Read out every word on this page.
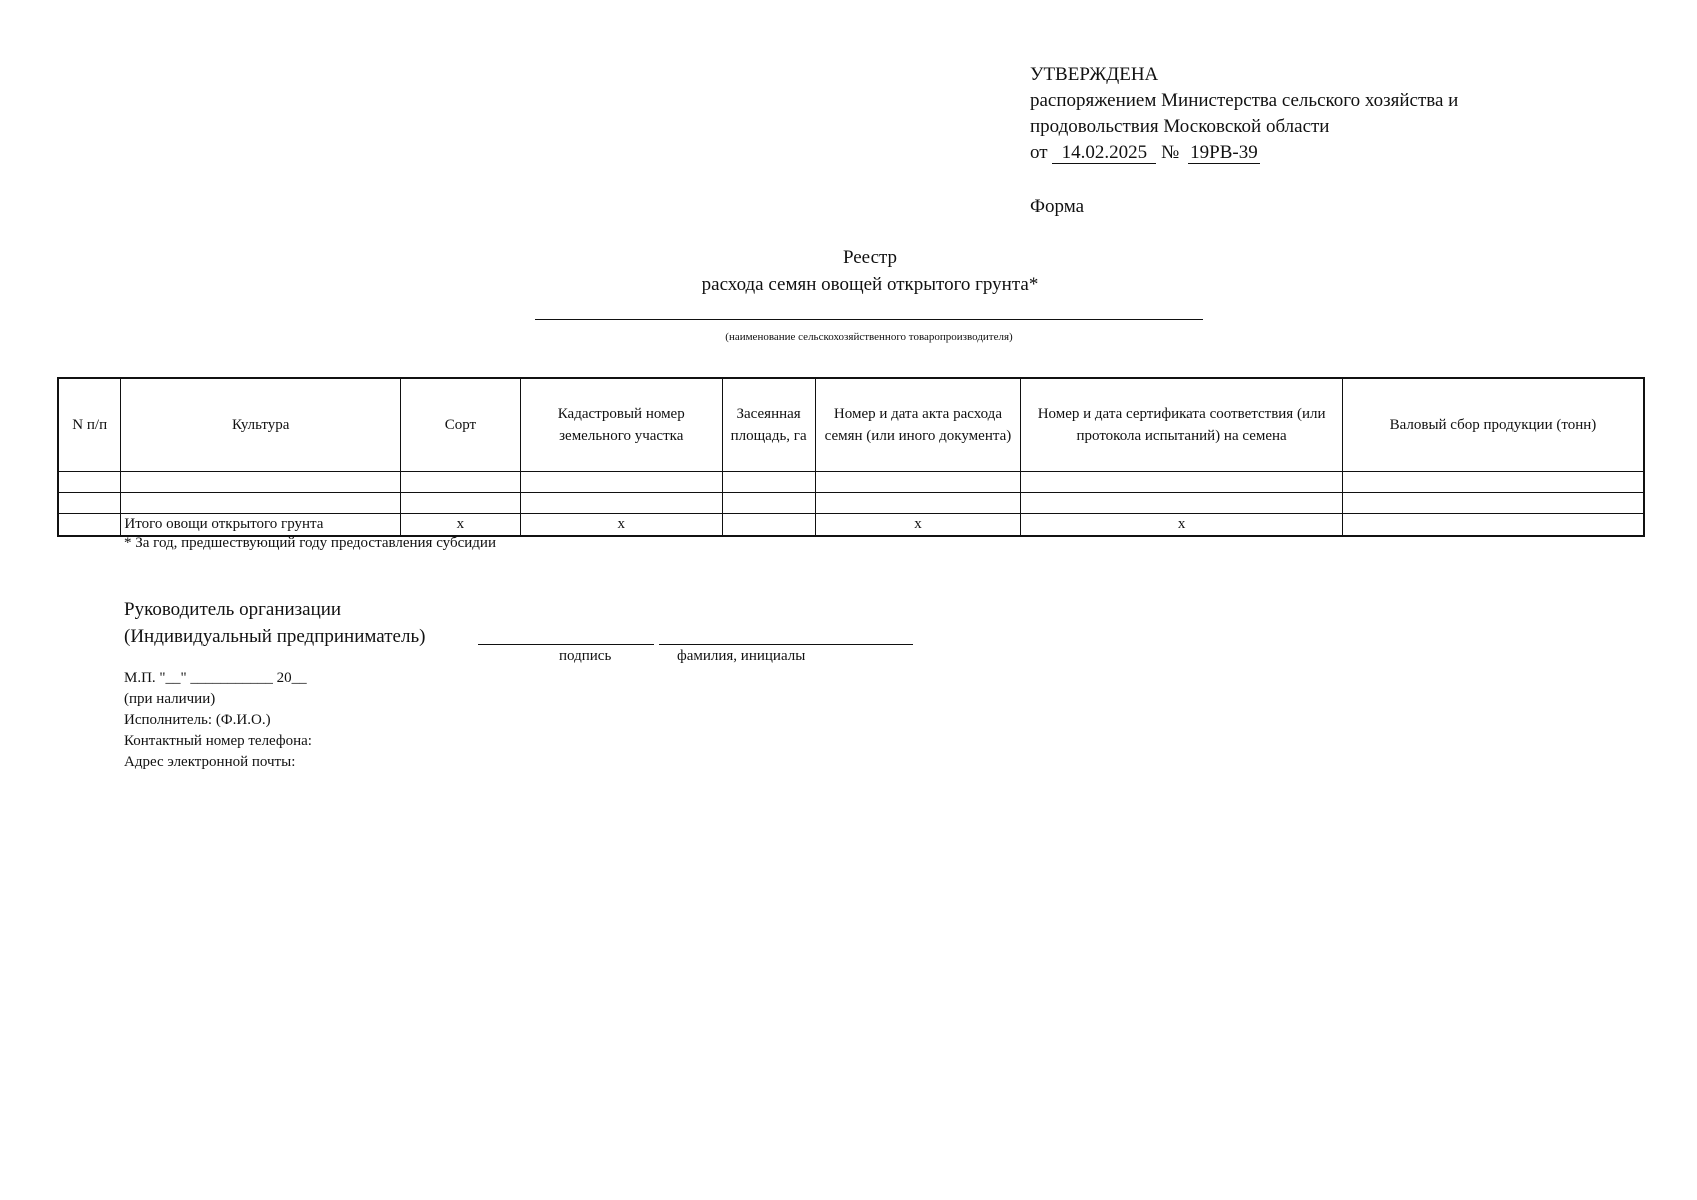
УТВЕРЖДЕНА
распоряжением Министерства сельского хозяйства и
продовольствия Московской области
от 14.02.2025 № 19РВ-39
Форма
Реестр
расхода семян овощей открытого грунта*
(наименование сельскохозяйственного товаропроизводителя)
N п/п	Культура	Сорт	Кадастровый номер земельного участка	Засеянная площадь, га	Номер и дата акта расхода семян (или иного документа)	Номер и дата сертификата соответствия (или протокола испытаний) на семена	Валовый сбор продукции (тонн)

	Итого овощи открытого грунта	х	х		х	х	
* За год, предшествующий году предоставления субсидии
Руководитель организации
(Индивидуальный предприниматель)
подпись	фамилия, инициалы
М.П. "__" ___________ 20__
(при наличии)
Исполнитель: (Ф.И.О.)
Контактный номер телефона:
Адрес электронной почты:
